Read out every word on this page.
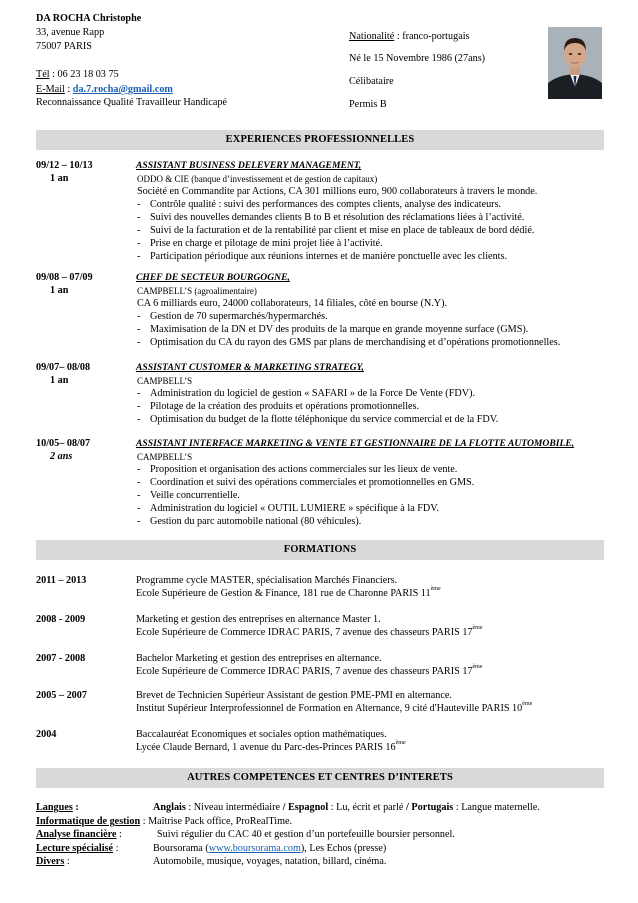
DA ROCHA Christophe
33, avenue Rapp
75007 PARIS
Tél : 06 23 18 03 75
E-Mail : da.7.rocha@gmail.com
Reconnaissance Qualité Travailleur Handicapé
Nationalité : franco-portugais
Né le 15 Novembre 1986 (27ans)
Célibataire
Permis B
EXPERIENCES PROFESSIONNELLES
09/12 – 10/13
1 an
ASSISTANT BUSINESS DELEVERY MANAGEMENT,
ODDO & CIE (banque d’investissement et de gestion de capitaux)
Société en Commandite par Actions, CA 301 millions euro, 900 collaborateurs à travers le monde.
- Contrôle qualité : suivi des performances des comptes clients, analyse des indicateurs.
- Suivi des nouvelles demandes clients B to B et résolution des réclamations liées à l’activité.
- Suivi de la facturation et de la rentabilité par client et mise en place de tableaux de bord dédié.
- Prise en charge et pilotage de mini projet liée à l’activité.
- Participation périodique aux réunions internes et de manière ponctuelle avec les clients.
09/08 – 07/09
1 an
CHEF DE SECTEUR BOURGOGNE,
CAMPBELL’S (agroalimentaire)
CA 6 milliards euro, 24000 collaborateurs, 14 filiales, côté en bourse (N.Y).
- Gestion de 70 supermarchés/hypermarchés.
- Maximisation de la DN et DV des produits de la marque en grande moyenne surface (GMS).
- Optimisation du CA du rayon des GMS par plans de merchandising et d’opérations promotionnelles.
09/07– 08/08
1 an
ASSISTANT CUSTOMER & MARKETING STRATEGY,
CAMPBELL’S
- Administration du logiciel de gestion « SAFARI » de la Force De Vente (FDV).
- Pilotage de la création des produits et opérations promotionnelles.
- Optimisation du budget de la flotte téléphonique du service commercial et de la FDV.
10/05– 08/07
2 ans
ASSISTANT INTERFACE MARKETING & VENTE ET GESTIONNAIRE DE LA FLOTTE AUTOMOBILE,
CAMPBELL’S
- Proposition et organisation des actions commerciales sur les lieux de vente.
- Coordination et suivi des opérations commerciales et promotionnelles en GMS.
- Veille concurrentielle.
- Administration du logiciel « OUTIL LUMIERE » spécifique à la FDV.
- Gestion du parc automobile national (80 véhicules).
FORMATIONS
2011 – 2013	Programme cycle MASTER, spécialisation Marchés Financiers.
Ecole Supérieure de Gestion & Finance, 181 rue de Charonne PARIS 11ème
2008 - 2009	Marketing et gestion des entreprises en alternance Master 1.
Ecole Supérieure de Commerce IDRAC PARIS, 7 avenue des chasseurs PARIS 17ème
2007 - 2008	Bachelor Marketing et gestion des entreprises en alternance.
Ecole Supérieure de Commerce IDRAC PARIS, 7 avenue des chasseurs PARIS 17ème
2005 – 2007	Brevet de Technicien Supérieur Assistant de gestion PME-PMI en alternance.
Institut Supérieur Interprofessionnel de Formation en Alternance, 9 cité d'Hauteville PARIS 10ème
2004	Baccalauréat Economiques et sociales option mathématiques.
Lycée Claude Bernard, 1 avenue du Parc-des-Princes PARIS 16ème
AUTRES COMPETENCES ET CENTRES D’INTERETS
Langues :	Anglais : Niveau intermédiaire / Espagnol : Lu, écrit et parlé / Portugais : Langue maternelle.
Informatique de gestion : Maîtrise Pack office, ProRealTime.
Analyse financière :	Suivi régulier du CAC 40 et gestion d’un portefeuille boursier personnel.
Lecture spécialisé :	Boursorama (www.boursorama.com), Les Echos (presse)
Divers :	Automobile, musique, voyages, natation, billard, cinéma.
